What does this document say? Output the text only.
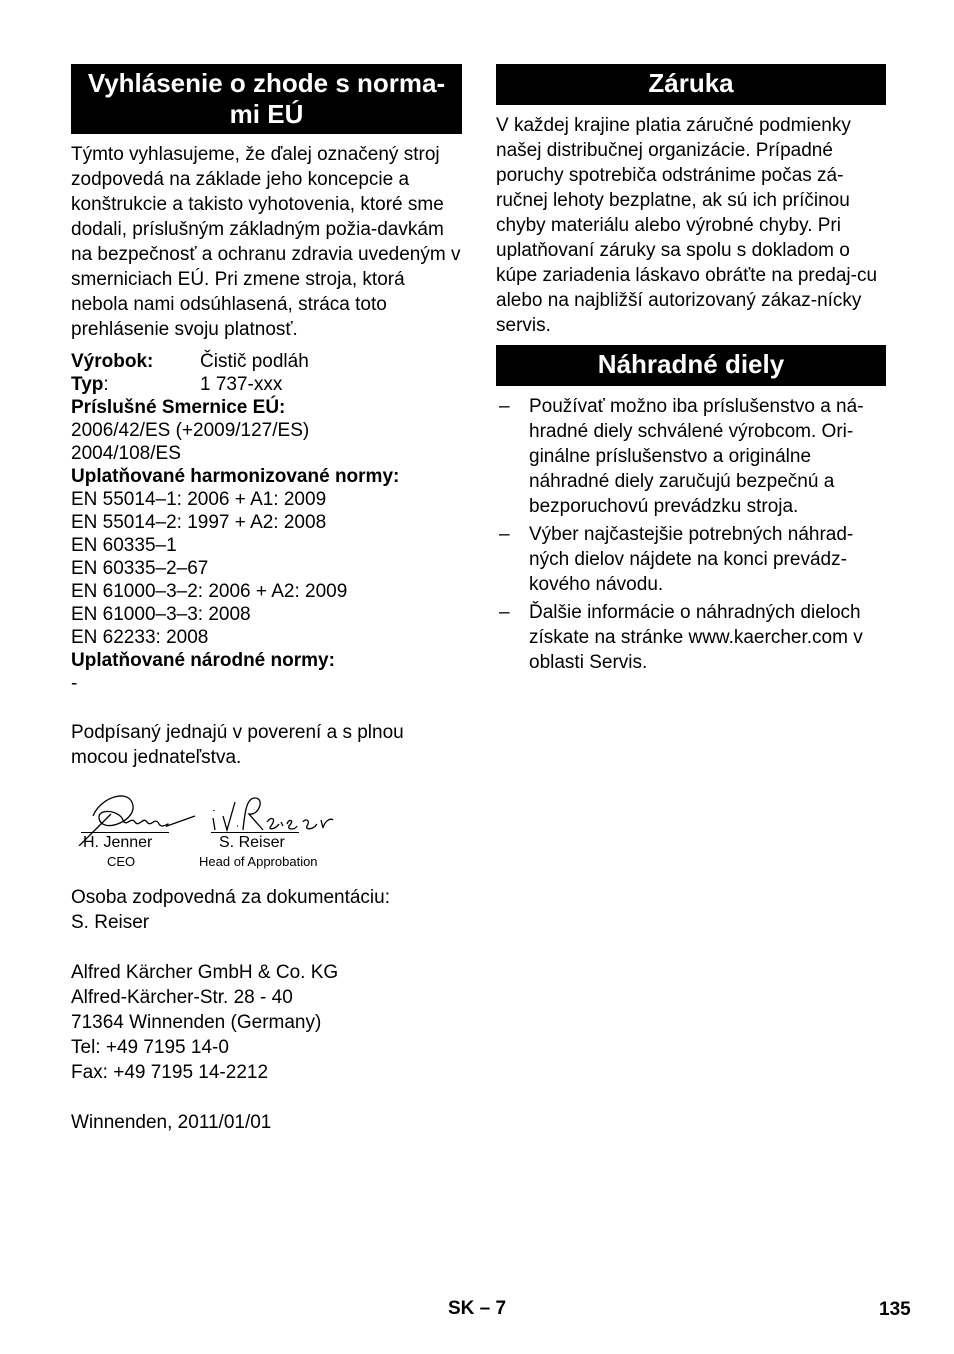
Vyhlásenie o zhode s norma-
mi EÚ

Týmto vyhlasujeme, že ďalej označený stroj zodpovedá na základe jeho koncepcie a konštrukcie a takisto vyhotovenia, ktoré sme dodali, príslušným základným požia-davkám na bezpečnosť a ochranu zdravia uvedeným v smerniciach EÚ. Pri zmene stroja, ktorá nebola nami odsúhlasená, stráca toto prehlásenie svoju platnosť.

Výrobok:	Čistič podláh
Typ:	1 737-xxx
Príslušné Smernice EÚ:
2006/42/ES (+2009/127/ES)
2004/108/ES
Uplatňované harmonizované normy:
EN 55014–1: 2006 + A1: 2009
EN 55014–2: 1997 + A2: 2008
EN 60335–1
EN 60335–2–67
EN 61000–3–2: 2006 + A2: 2009
EN 61000–3–3: 2008
EN 62233: 2008
Uplatňované národné normy:
-

Podpísaný jednajú v poverení a s plnou mocou jednateľstva.

H. Jenner
CEO
S. Reiser
Head of Approbation
Osoba zodpovedná za dokumentáciu:
S. Reiser
Alfred Kärcher GmbH & Co. KG
Alfred-Kärcher-Str. 28 - 40
71364 Winnenden (Germany)
Tel: +49 7195 14-0
Fax: +49 7195 14-2212
Winnenden, 2011/01/01
Záruka

V každej krajine platia záručné podmienky našej distribučnej organizácie. Prípadné poruchy spotrebiča odstránime počas zá-ručnej lehoty bezplatne, ak sú ich príčinou chyby materiálu alebo výrobné chyby. Pri uplatňovaní záruky sa spolu s dokladom o kúpe zariadenia láskavo obráťte na predaj-cu alebo na najbližší autorizovaný zákaz-nícky servis.

Náhradné diely
– Používať možno iba príslušenstvo a ná-hradné diely schválené výrobcom. Ori-ginálne príslušenstvo a originálne náhradné diely zaručujú bezpečnú a bezporuchovú prevádzku stroja.
– Výber najčastejšie potrebných náhrad-ných dielov nájdete na konci prevádz-kového návodu.
– Ďalšie informácie o náhradných dieloch získate na stránke www.kaercher.com v oblasti Servis.
SK – 7	135
